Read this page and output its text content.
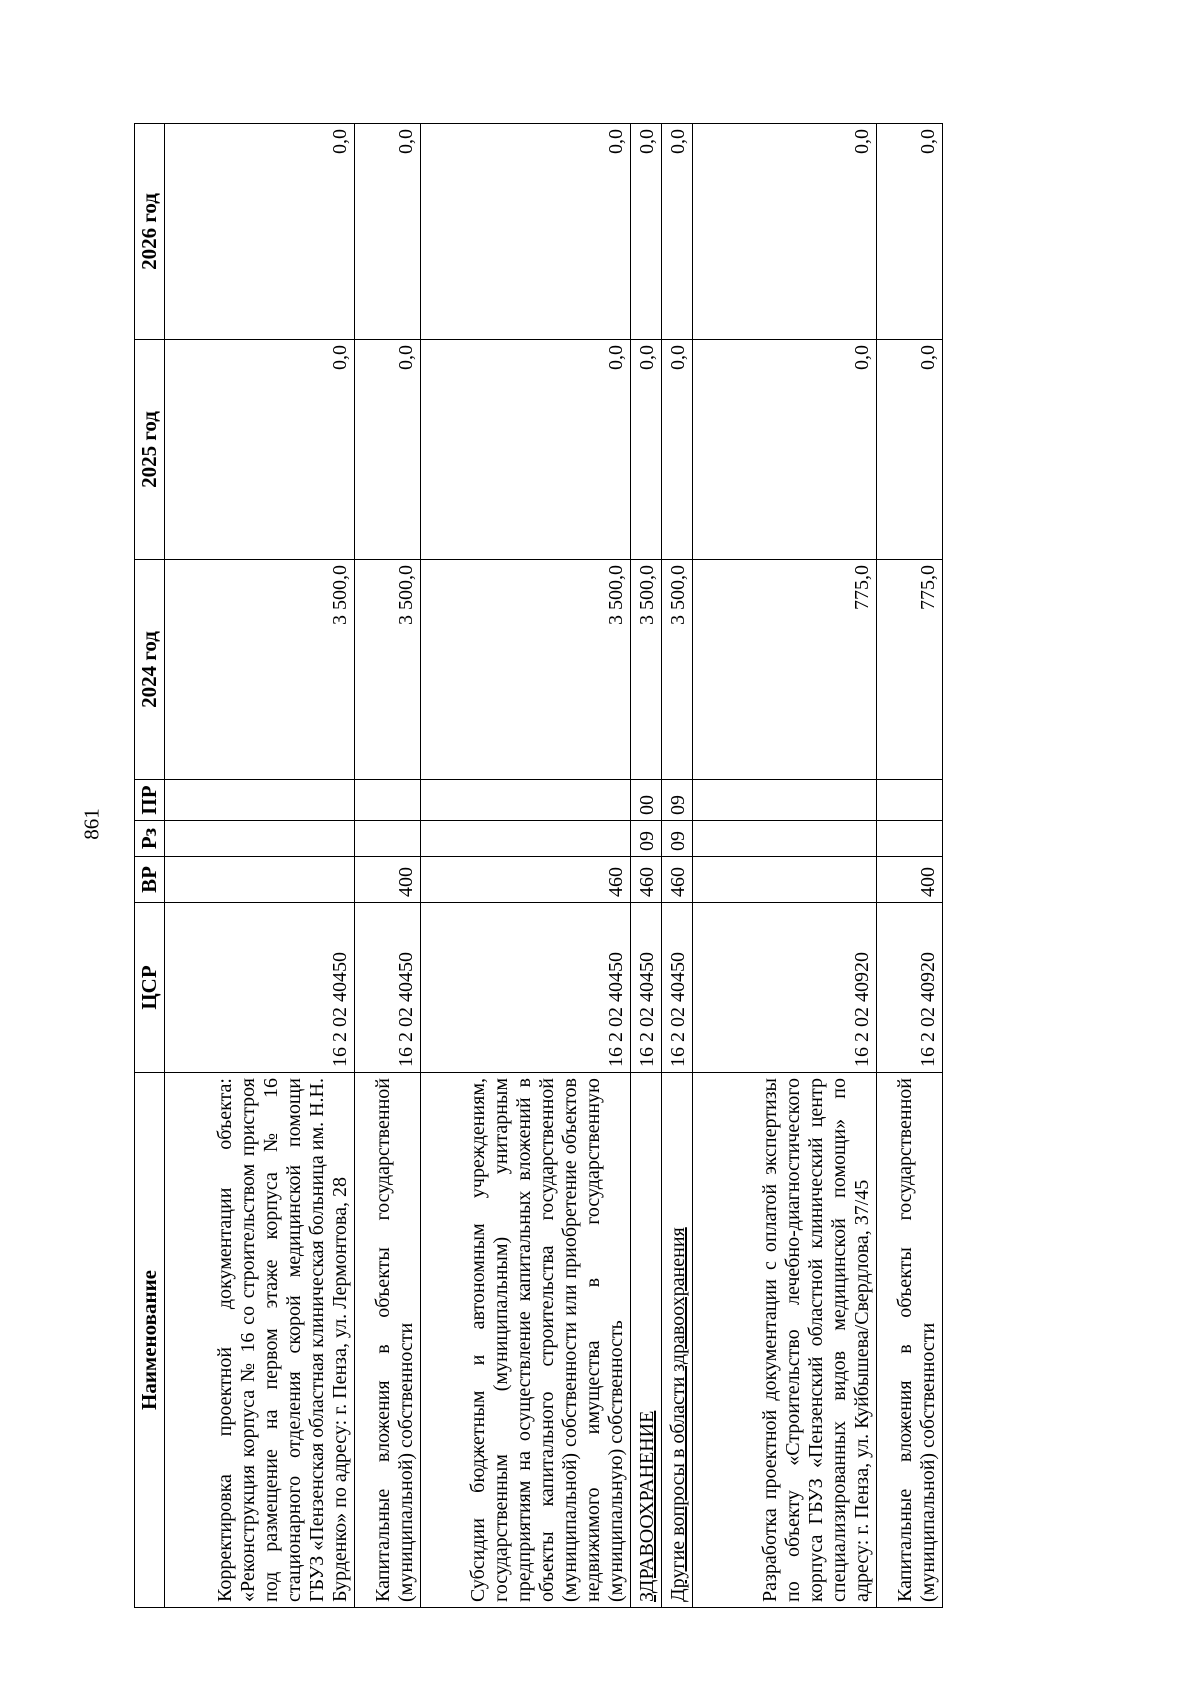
861
Наименование	ЦСР	ВР	Рз	ПР	2024 год	2025 год	2026 год
Корректировка проектной документации объекта: «Реконструкция корпуса № 16 со строительством пристроя под размещение на первом этаже корпуса № 16 стационарного отделения скорой медицинской помощи ГБУЗ «Пензенская областная клиническая больница им. Н.Н. Бурденко» по адресу: г. Пенза, ул. Лермонтова, 28	16 2 02 40450				3 500,0	0,0	0,0
Капитальные вложения в объекты государственной (муниципальной) собственности	16 2 02 40450	400			3 500,0	0,0	0,0
Субсидии бюджетным и автономным учреждениям, государственным (муниципальным) унитарным предприятиям на осуществление капитальных вложений в объекты капитального строительства государственной (муниципальной) собственности или приобретение объектов недвижимого имущества в государственную (муниципальную) собственность	16 2 02 40450	460			3 500,0	0,0	0,0
ЗДРАВООХРАНЕНИЕ	16 2 02 40450	460	09	00	3 500,0	0,0	0,0
Другие вопросы в области здравоохранения	16 2 02 40450	460	09	09	3 500,0	0,0	0,0
Разработка проектной документации с оплатой экспертизы по объекту «Строительство лечебно-диагностического корпуса ГБУЗ «Пензенский областной клинический центр специализированных видов медицинской помощи» по адресу: г. Пенза, ул. Куйбышева/Свердлова, 37/45	16 2 02 40920				775,0	0,0	0,0
Капитальные вложения в объекты государственной (муниципальной) собственности	16 2 02 40920	400			775,0	0,0	0,0
